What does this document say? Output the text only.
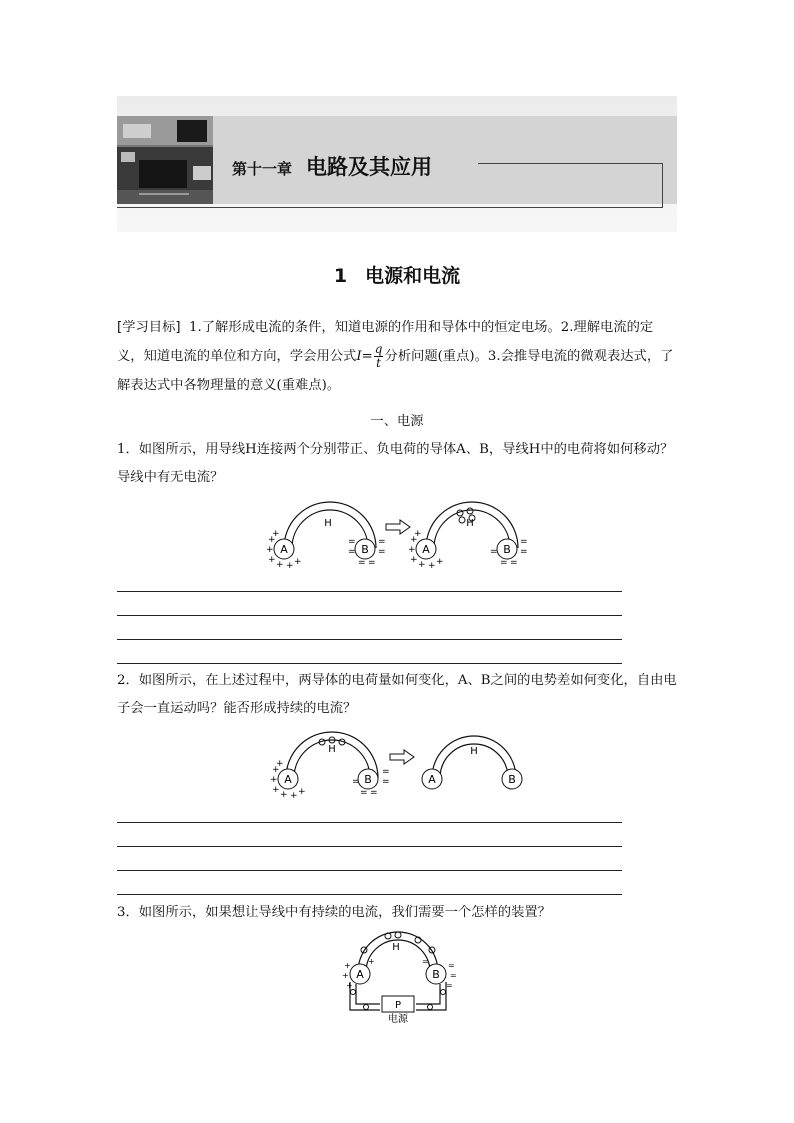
第十一章 电路及其应用
1 电源和电流
[学习目标] 1.了解形成电流的条件，知道电源的作用和导体中的恒定电场。2.理解电流的定义，知道电流的单位和方向，学会用公式$I= \frac{q}{t}$ 分析问题(重点)。3.会推导电流的微观表达式，了解表达式中各物理量的意义(重难点)。
一、电源
1．如图所示，用导线H连接两个分别带正、负电荷的导体A、B，导线H中的电荷将如何移动？导线中有无电流？
A	B
H
+
+
+ + + +
+
=
=
=
=
= =
A	B
H
+
+
+ + + +
+
=
=
=
= =
2．如图所示，在上述过程中，两导体的电荷量如何变化，A、B之间的电势差如何变化，自由电子会一直运动吗？能否形成持续的电流？
A	B
H
+
+
+ + + +
+
=
=
=
= =
A	B
H
3．如图所示，如果想让导线中有持续的电流，我们需要一个怎样的装置？
A	B
H
+
+
+
+	=
=
=
=
P
电源
